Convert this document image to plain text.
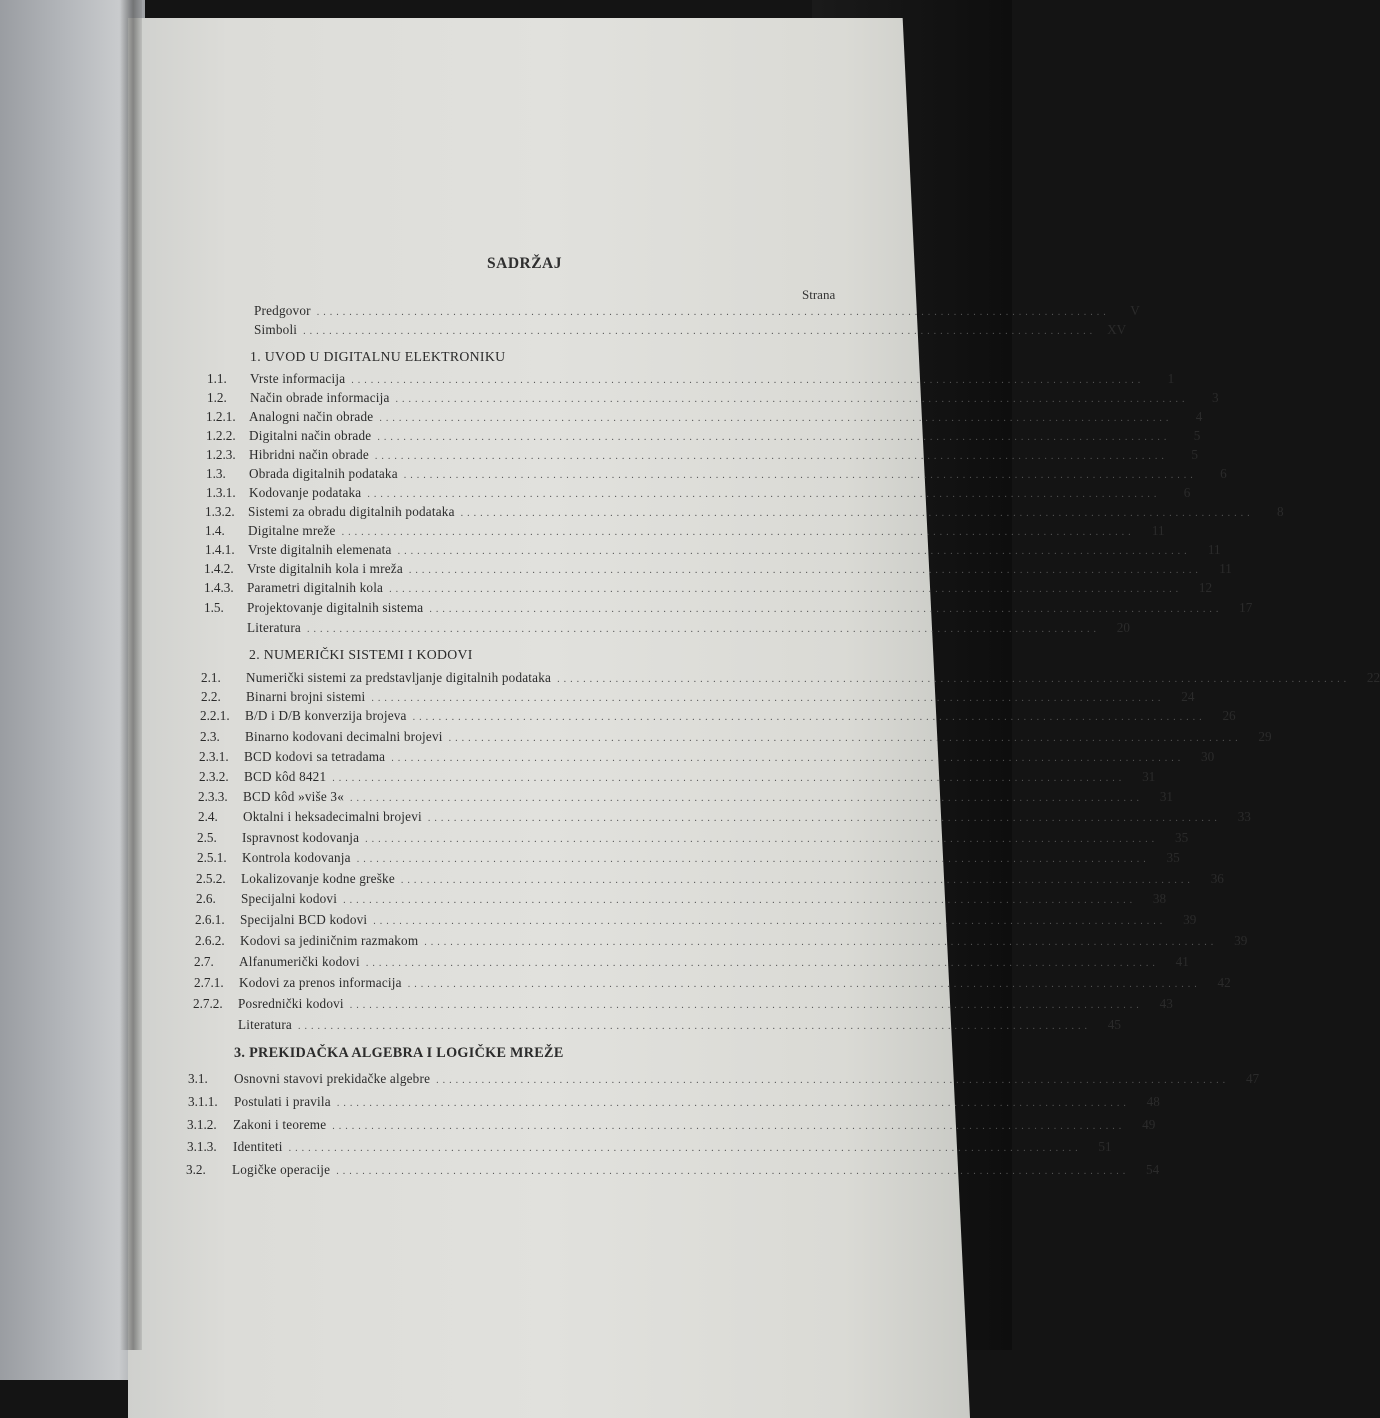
SADRŽAJ
Strana
Predgovor ..........................................................................................................................	V
Simboli .......................................................................................................................... XV
1. UVOD U DIGITALNU ELEKTRONIKU
1.1.	Vrste informacija ..........................................................................................................................	1
1.2.	Način obrade informacija ..........................................................................................................................	3
1.2.1.	Analogni način obrade ..........................................................................................................................	4
1.2.2.	Digitalni način obrade ..........................................................................................................................	5
1.2.3.	Hibridni način obrade ..........................................................................................................................	5
1.3.	Obrada digitalnih podataka ..........................................................................................................................	6
1.3.1.	Kodovanje podataka ..........................................................................................................................	6
1.3.2.	Sistemi za obradu digitalnih podataka ..........................................................................................................................	8
1.4.	Digitalne mreže ..........................................................................................................................	11
1.4.1.	Vrste digitalnih elemenata ..........................................................................................................................	11
1.4.2.	Vrste digitalnih kola i mreža ..........................................................................................................................	11
1.4.3.	Parametri digitalnih kola ..........................................................................................................................	12
1.5.	Projektovanje digitalnih sistema ..........................................................................................................................	17
Literatura ..........................................................................................................................	20
2. NUMERIČKI SISTEMI I KODOVI
2.1.	Numerički sistemi za predstavljanje digitalnih podataka ..........................................................................................................................	22
2.2.	Binarni brojni sistemi ..........................................................................................................................	24
2.2.1.	B/D i D/B konverzija brojeva ..........................................................................................................................	26
2.3.	Binarno kodovani decimalni brojevi ..........................................................................................................................	29
2.3.1.	BCD kodovi sa tetradama ..........................................................................................................................	30
2.3.2.	BCD kôd 8421 ..........................................................................................................................	31
2.3.3.	BCD kôd »više 3« ..........................................................................................................................	31
2.4.	Oktalni i heksadecimalni brojevi ..........................................................................................................................	33
2.5.	Ispravnost kodovanja ..........................................................................................................................	35
2.5.1.	Kontrola kodovanja ..........................................................................................................................	35
2.5.2.	Lokalizovanje kodne greške ..........................................................................................................................	36
2.6.	Specijalni kodovi ..........................................................................................................................	38
2.6.1.	Specijalni BCD kodovi ..........................................................................................................................	39
2.6.2.	Kodovi sa jediničnim razmakom ..........................................................................................................................	39
2.7.	Alfanumerički kodovi ..........................................................................................................................	41
2.7.1.	Kodovi za prenos informacija ..........................................................................................................................	42
2.7.2.	Posrednički kodovi ..........................................................................................................................	43
Literatura ..........................................................................................................................	45
3. PREKIDAČKA ALGEBRA I LOGIČKE MREŽE
3.1.	Osnovni stavovi prekidačke algebre ..........................................................................................................................	47
3.1.1.	Postulati i pravila ..........................................................................................................................	48
3.1.2.	Zakoni i teoreme ..........................................................................................................................	49
3.1.3.	Identiteti ..........................................................................................................................	51
3.2.	Logičke operacije ..........................................................................................................................	54
